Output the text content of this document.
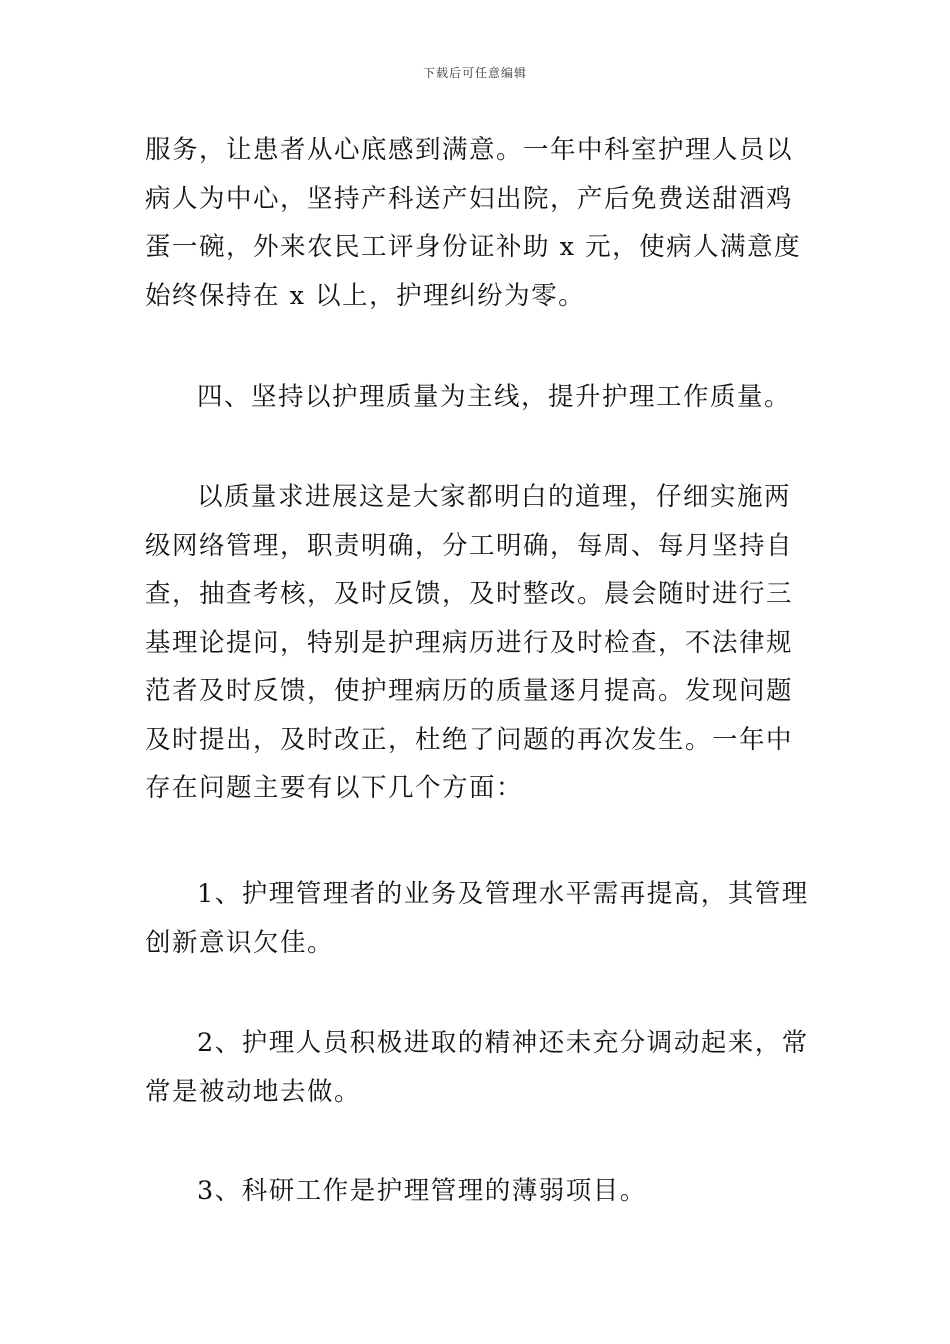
下载后可任意编辑

服务，让患者从心底感到满意。一年中科室护理人员以病人为中心，坚持产科送产妇出院，产后免费送甜酒鸡蛋一碗，外来农民工评身份证补助 x 元，使病人满意度始终保持在 x 以上，护理纠纷为零。

四、坚持以护理质量为主线，提升护理工作质量。

以质量求进展这是大家都明白的道理，仔细实施两级网络管理，职责明确，分工明确，每周、每月坚持自查，抽查考核，及时反馈，及时整改。晨会随时进行三基理论提问，特别是护理病历进行及时检查，不法律规范者及时反馈，使护理病历的质量逐月提高。发现问题及时提出，及时改正，杜绝了问题的再次发生。一年中存在问题主要有以下几个方面：

1、护理管理者的业务及管理水平需再提高，其管理创新意识欠佳。

2、护理人员积极进取的精神还未充分调动起来，常常是被动地去做。

3、科研工作是护理管理的薄弱项目。
